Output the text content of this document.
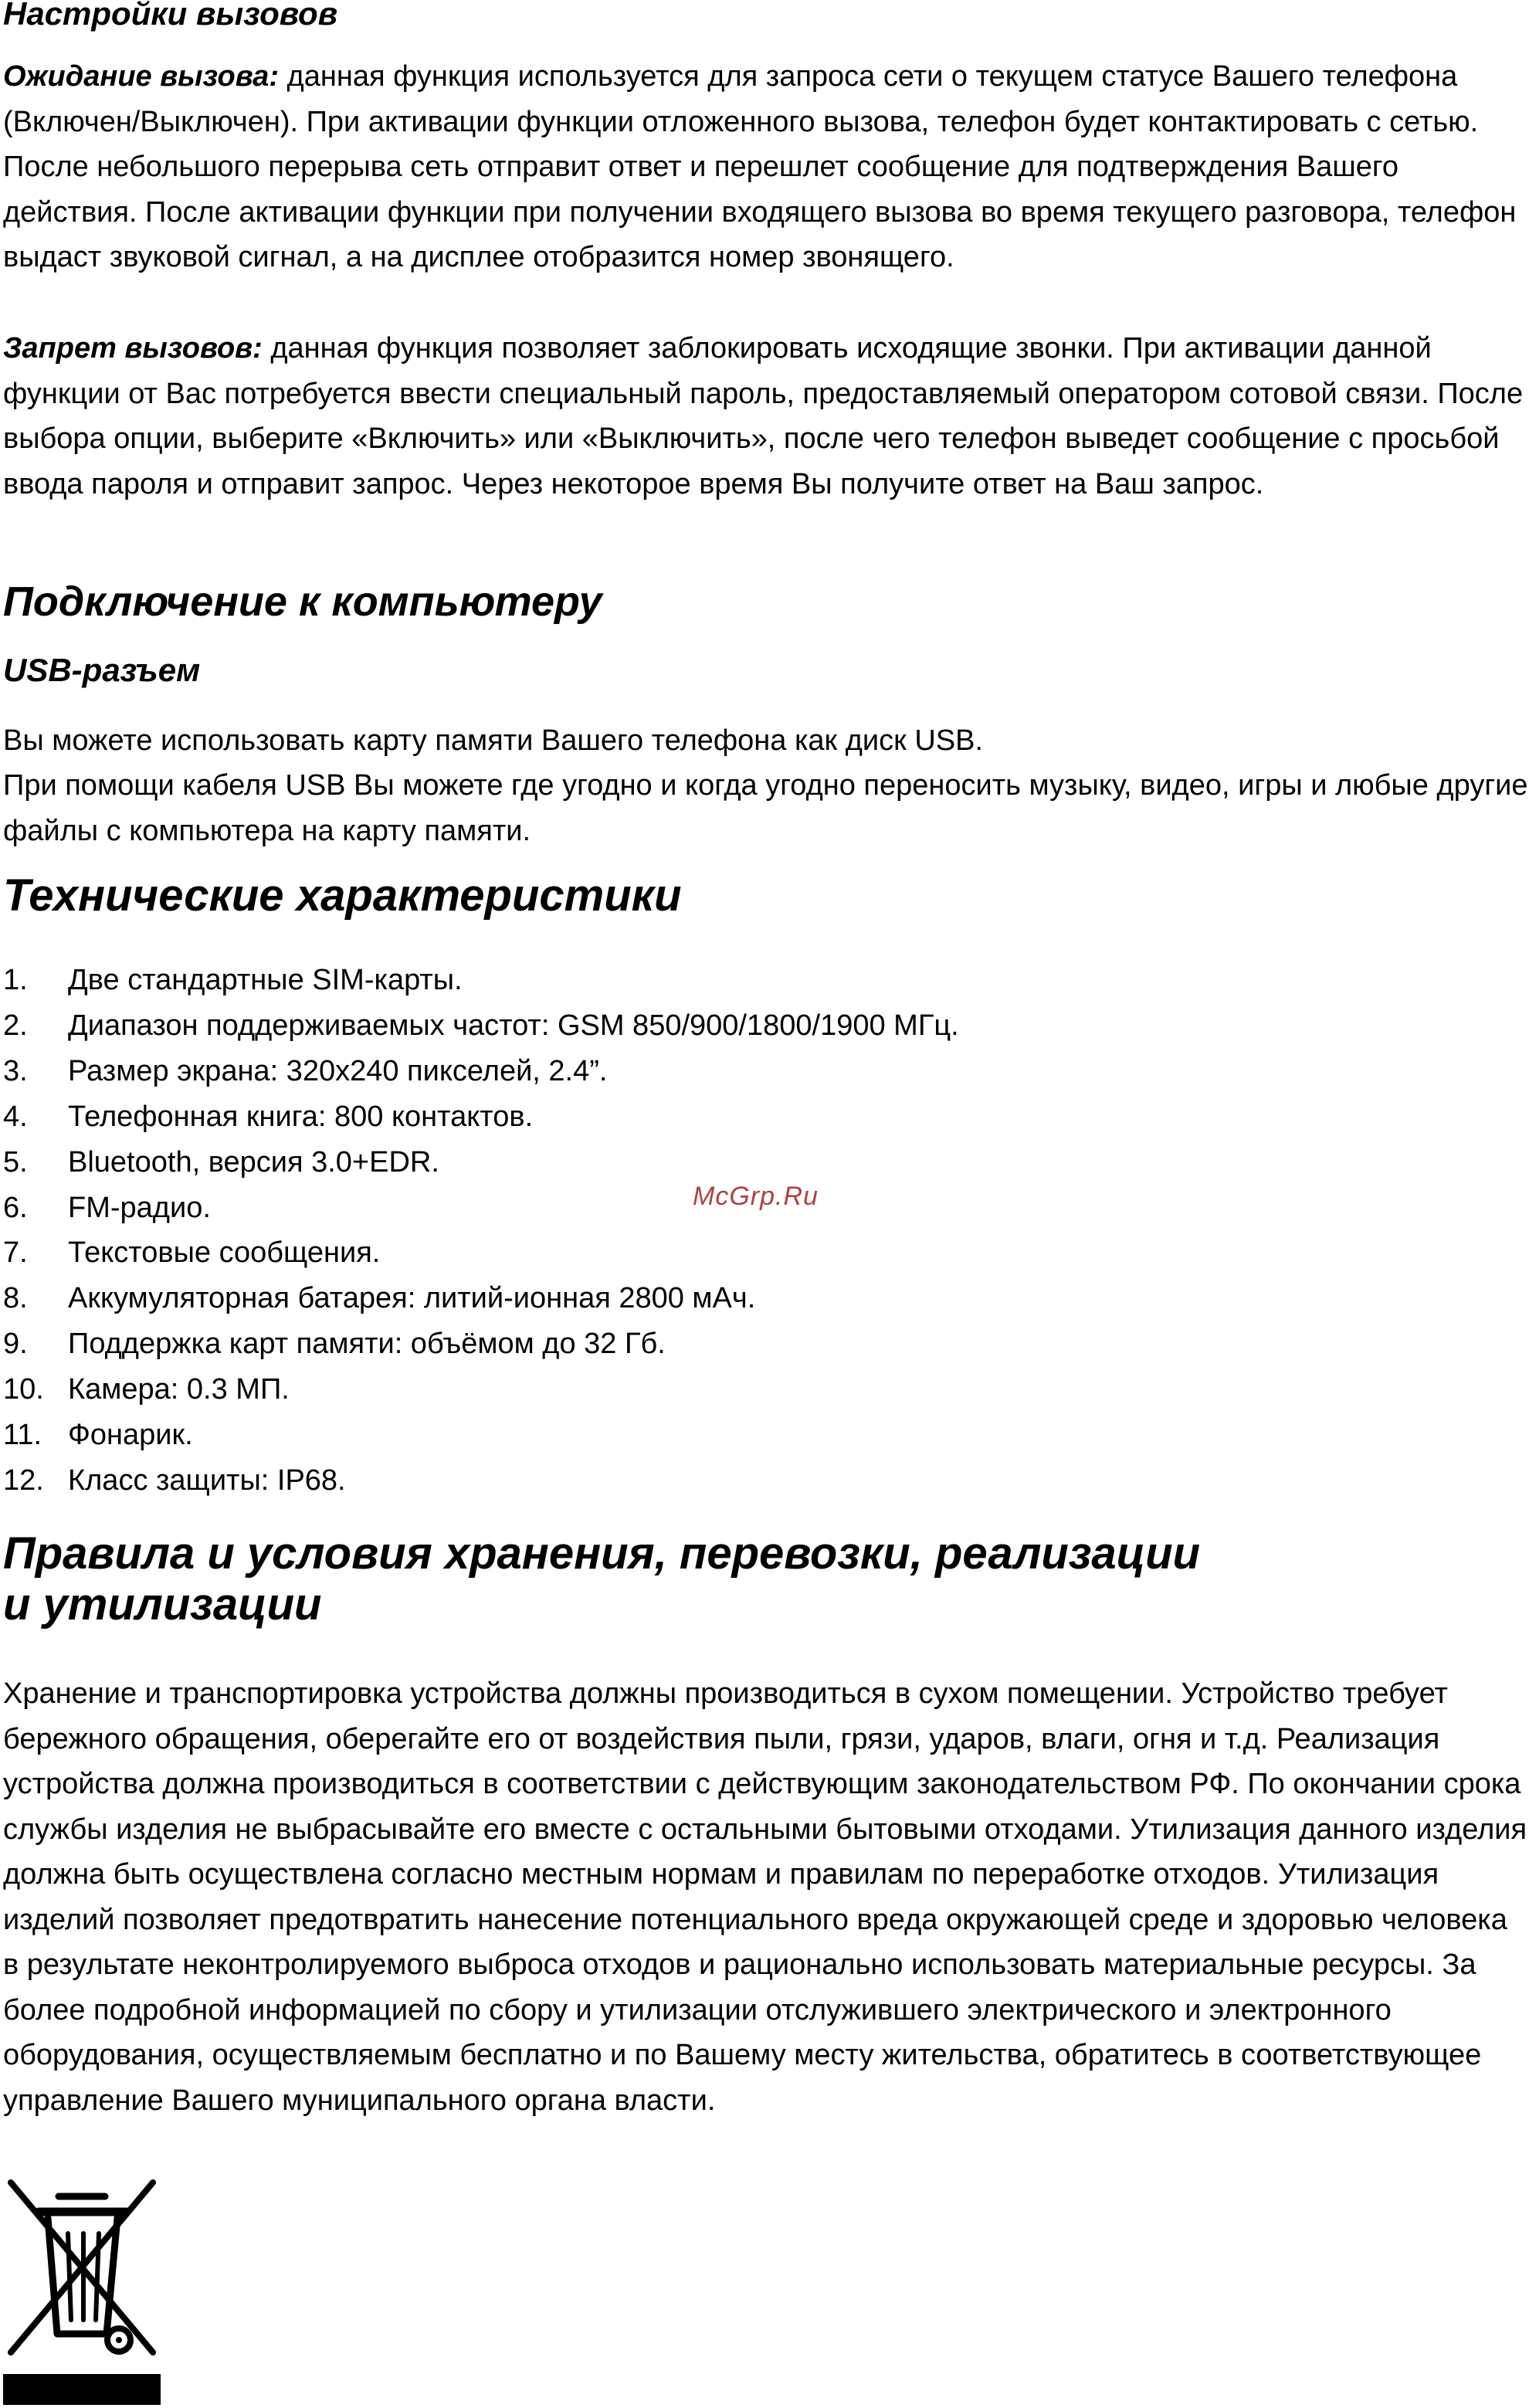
Настройки вызовов

Ожидание вызова: данная функция используется для запроса сети о текущем статусе Вашего телефона (Включен/Выключен). При активации функции отложенного вызова, телефон будет контактировать с сетью. После небольшого перерыва сеть отправит ответ и перешлет сообщение для подтверждения Вашего действия. После активации функции при получении входящего вызова во время текущего разговора, телефон выдаст звуковой сигнал, а на дисплее отобразится номер звонящего.

Запрет вызовов: данная функция позволяет заблокировать исходящие звонки. При активации данной функции от Вас потребуется ввести специальный пароль, предоставляемый оператором сотовой связи. После выбора опции, выберите «Включить» или «Выключить», после чего телефон выведет сообщение с просьбой ввода пароля и отправит запрос. Через некоторое время Вы получите ответ на Ваш запрос.

Подключение к компьютеру
USB-разъем

Вы можете использовать карту памяти Вашего телефона как диск USB.

При помощи кабеля USB Вы можете где угодно и когда угодно переносить музыку, видео, игры и любые другие файлы с компьютера на карту памяти.

Технические характеристики
1.	Две стандартные SIM-карты.
2.	Диапазон поддерживаемых частот: GSM 850/900/1800/1900 МГц.
3.	Размер экрана: 320х240 пикселей, 2.4”.
4.	Телефонная книга: 800 контактов.
5.	Bluetooth, версия 3.0+EDR.
6.	FM-радио.
7.	Текстовые сообщения.
8.	Аккумуляторная батарея: литий-ионная 2800 мАч.
9.	Поддержка карт памяти: объёмом до 32 Гб.
10. Камера: 0.3 МП.
11. Фонарик.
12. Класс защиты: IP68.
McGrp.Ru
Правила и условия хранения, перевозки, реализации
и утилизации

Хранение и транспортировка устройства должны производиться в сухом помещении. Устройство требует бережного обращения, оберегайте его от воздействия пыли, грязи, ударов, влаги, огня и т.д. Реализация устройства должна производиться в соответствии с действующим законодательством РФ. По окончании срока службы изделия не выбрасывайте его вместе с остальными бытовыми отходами. Утилизация данного изделия должна быть осуществлена согласно местным нормам и правилам по переработке отходов. Утилизация изделий позволяет предотвратить нанесение потенциального вреда окружающей среде и здоровью человека в результате неконтролируемого выброса отходов и рационально использовать материальные ресурсы. За более подробной информацией по сбору и утилизации отслужившего электрического и электронного оборудования, осуществляемым бесплатно и по Вашему месту жительства, обратитесь в соответствующее управление Вашего муниципального органа власти.
